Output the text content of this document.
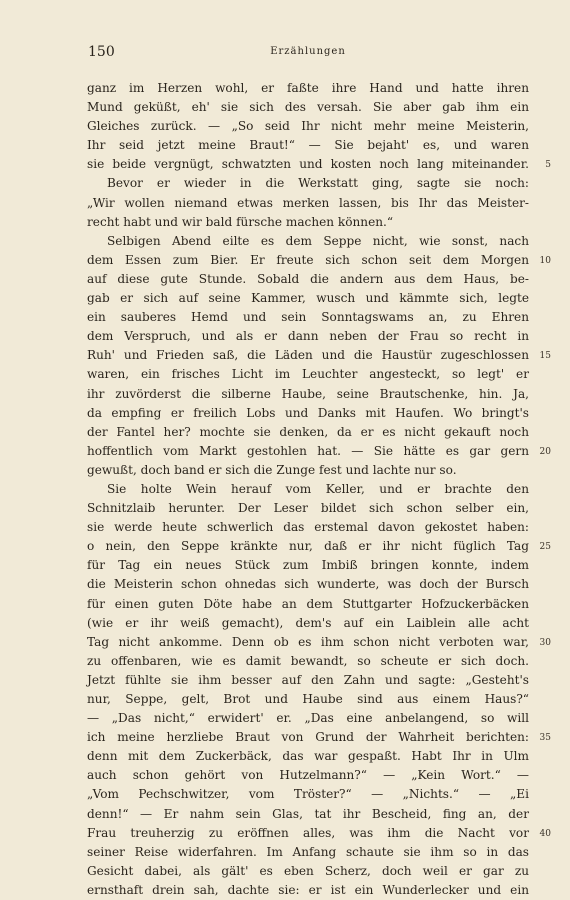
150	Erzählungen
ganz im Herzen wohl, er faßte ihre Hand und hatte ihren
Mund geküßt, eh' sie sich des versah. Sie aber gab ihm ein
Gleiches zurück. — „So seid Ihr nicht mehr meine Meisterin,
Ihr seid jetzt meine Braut!“ — Sie bejaht' es, und waren
sie beide vergnügt, schwatzten und kosten noch lang miteinander. 5
Bevor er wieder in die Werkstatt ging, sagte sie noch:
„Wir wollen niemand etwas merken lassen, bis Ihr das Meister-
recht habt und wir bald fürsche machen können.“
Selbigen Abend eilte es dem Seppe nicht, wie sonst, nach
dem Essen zum Bier. Er freute sich schon seit dem Morgen 10
auf diese gute Stunde. Sobald die andern aus dem Haus, be-
gab er sich auf seine Kammer, wusch und kämmte sich, legte
ein sauberes Hemd und sein Sonntagswams an, zu Ehren
dem Verspruch, und als er dann neben der Frau so recht in
Ruh' und Frieden saß, die Läden und die Haustür zugeschlossen 15
waren, ein frisches Licht im Leuchter angesteckt, so legt' er
ihr zuvörderst die silberne Haube, seine Brautschenke, hin. Ja,
da empfing er freilich Lobs und Danks mit Haufen. Wo bringt's
der Fantel her? mochte sie denken, da er es nicht gekauft noch
hoffentlich vom Markt gestohlen hat. — Sie hätte es gar gern 20
gewußt, doch band er sich die Zunge fest und lachte nur so.
Sie holte Wein herauf vom Keller, und er brachte den
Schnitzlaib herunter. Der Leser bildet sich schon selber ein,
sie werde heute schwerlich das erstemal davon gekostet haben:
o nein, den Seppe kränkte nur, daß er ihr nicht füglich Tag 25
für Tag ein neues Stück zum Imbiß bringen konnte, indem
die Meisterin schon ohnedas sich wunderte, was doch der Bursch
für einen guten Döte habe an dem Stuttgarter Hofzuckerbäcken
(wie er ihr weiß gemacht), dem's auf ein Laiblein alle acht
Tag nicht ankomme. Denn ob es ihm schon nicht verboten war, 30
zu offenbaren, wie es damit bewandt, so scheute er sich doch.
Jetzt fühlte sie ihm besser auf den Zahn und sagte: „Gesteht's
nur, Seppe, gelt, Brot und Haube sind aus einem Haus?“
— „Das nicht,“ erwidert' er. „Das eine anbelangend, so will
ich meine herzliebe Braut von Grund der Wahrheit berichten: 35
denn mit dem Zuckerbäck, das war gespaßt. Habt Ihr in Ulm
auch schon gehört von Hutzelmann?“ — „Kein Wort.“ —
„Vom Pechschwitzer, vom Tröster?“ — „Nichts.“ — „Ei
denn!“ — Er nahm sein Glas, tat ihr Bescheid, fing an, der
Frau treuherzig zu eröffnen alles, was ihm die Nacht vor 40
seiner Reise widerfahren. Im Anfang schaute sie ihm so in das
Gesicht dabei, als gält' es eben Scherz, doch weil er gar zu
ernsthaft drein sah, dachte sie: er ist ein Wunderlecker und ein
